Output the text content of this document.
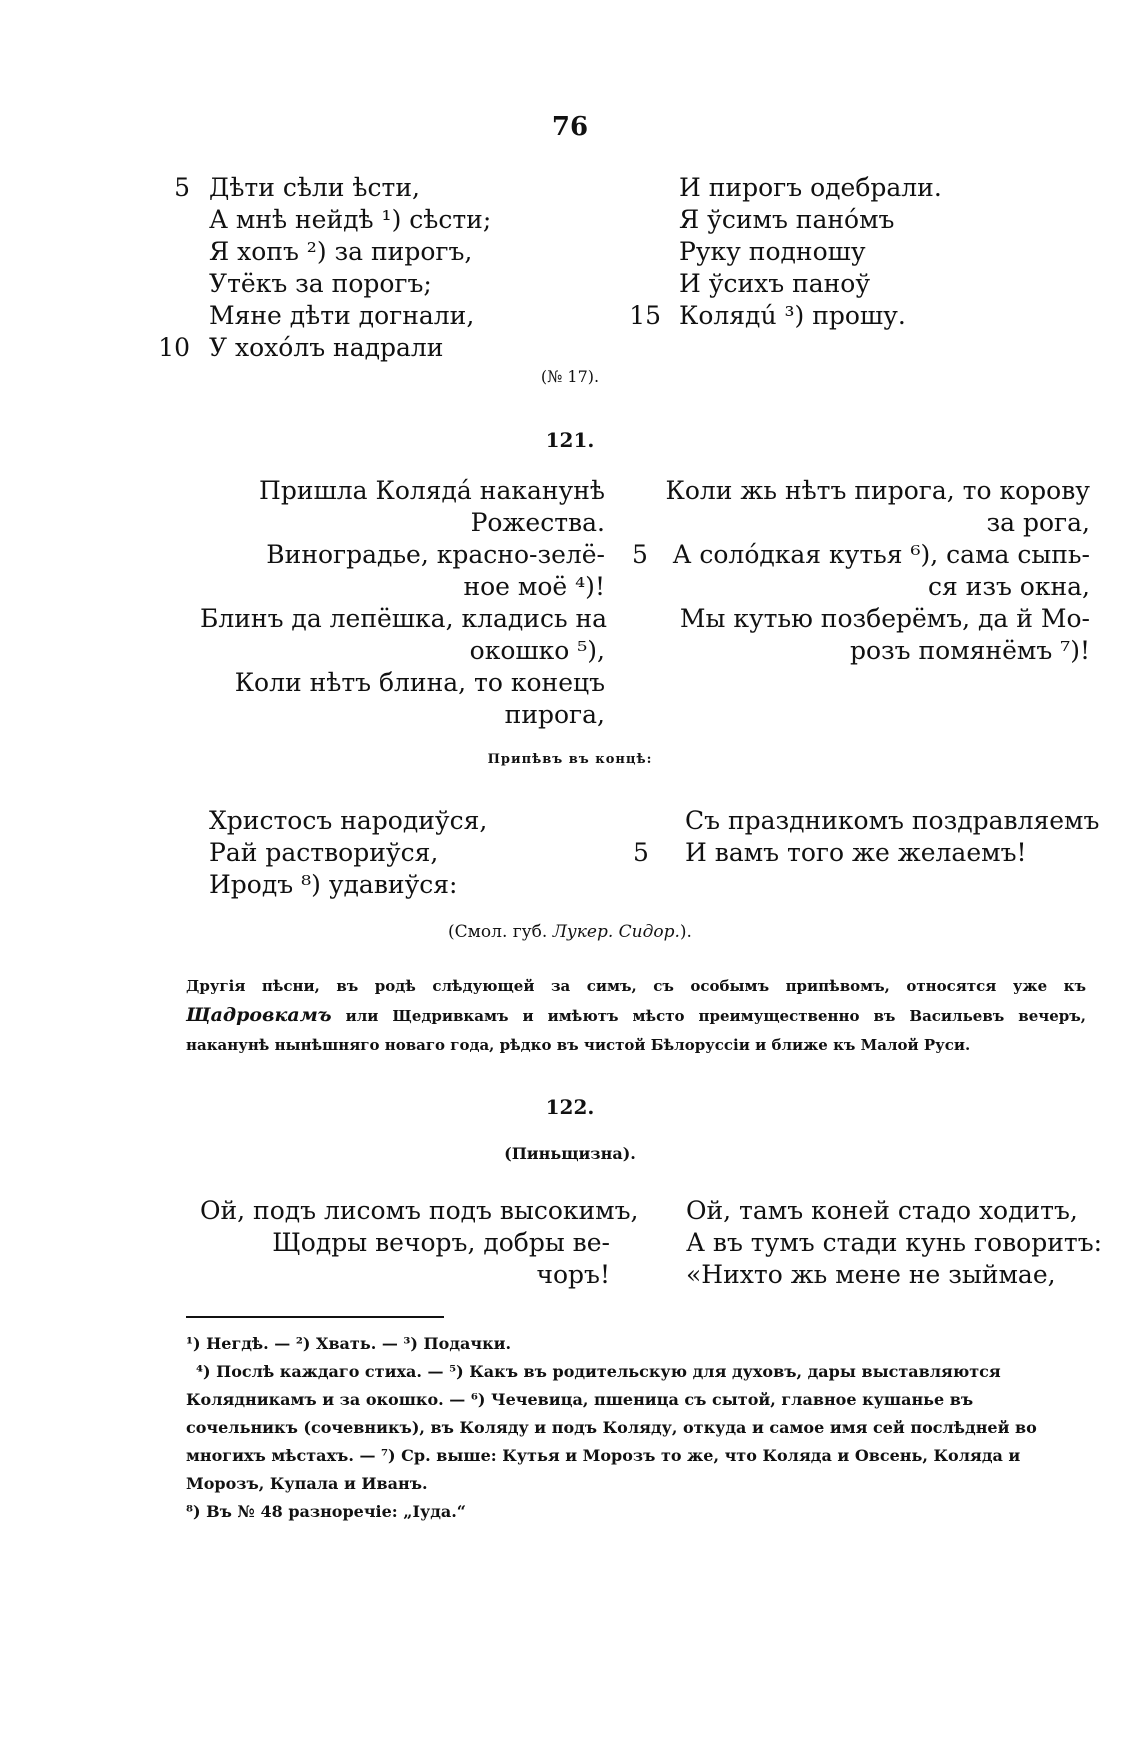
76
5 Дѣти сѣли ѣсти,
А мнѣ нейдѣ ¹) сѣсти;
Я хопъ ²) за пирогъ,
Утёкъ за порогъ;
Мяне дѣти догнали,
10 У хохóлъ надрали
И пирогъ одебрали.
Я ўсимъ панóмъ
Руку подношу
И ўсихъ паноў
15 Колядú ³) прошу.
(№ 17).
121.
Пришла Колядá накaнунѣ
Рожества.
Виноградье, красно-зелё-
ное моё ⁴)!
Блинъ да лепёшка, кладись на
окошко ⁵),
Коли нѣтъ блина, то конецъ
пирога,
Коли жь нѣтъ пирога, то корову
за рога,
5 А солóдкая кутья ⁶), сама сыпь-
ся изъ окна,
Мы кутью позберёмъ, да й Мо-
розъ помянёмъ ⁷)!
Припѣвъ въ концѣ:
Христосъ народиўся,
Рай раствориўся,
Иродъ ⁸) удавиўся:
Съ праздникомъ поздравляемъ
5	И вамъ того же желаемъ!
(Смол. губ. Лукер. Сидор.).
Другія пѣсни, въ родѣ слѣдующей за симъ, съ особымъ припѣвомъ, относятся уже къ Щадровкамъ или Щедривкамъ и имѣютъ мѣсто преимущественно въ Васильевъ вечеръ, наканунѣ нынѣшняго новаго года, рѣдко въ чистой Бѣлоруссіи и ближе къ Малой Руси.
122.
(Пиньщизна).
Ой, подъ лисомъ подъ высокимъ,
Щодры вечоръ, добры ве-
чоръ!
Ой, тамъ коней стадо ходитъ,
А въ тумъ стади кунь говоритъ:
«Нихто жь мене не зыймае,

¹) Негдѣ. — ²) Хвать. — ³) Подачки.

⁴) Послѣ каждаго стиха. — ⁵) Какъ въ родительскую для духовъ, дары выставляются Колядникамъ и за окошко. — ⁶) Чечевица, пшеница съ сытой, главное кушанье въ сочельникъ (сочевникъ), въ Коляду и подъ Коляду, откуда и самое имя сей послѣдней во многихъ мѣстахъ. — ⁷) Ср. выше: Кутья и Морозъ то же, что Коляда и Овсень, Коляда и Морозъ, Купала и Иванъ.

⁸) Въ № 48 разноречіе: „Іуда.“
